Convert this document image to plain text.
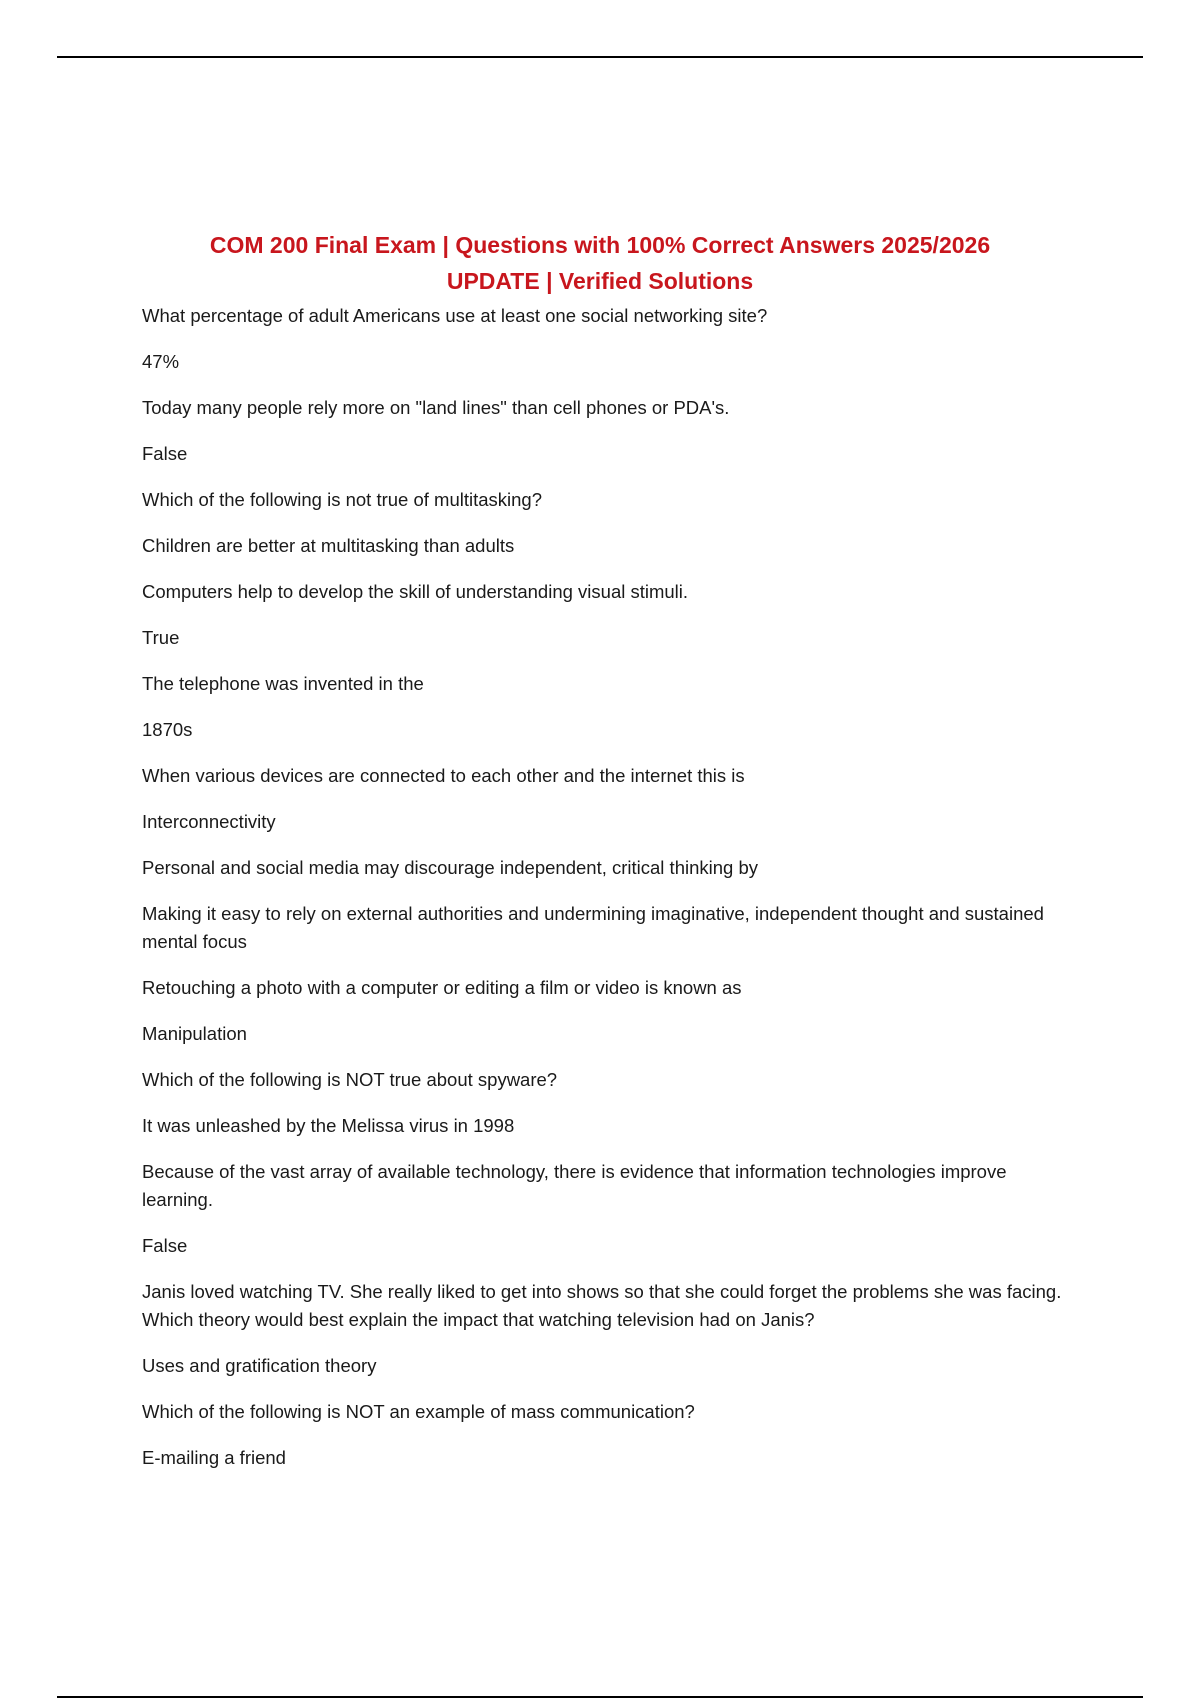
COM 200 Final Exam | Questions with 100% Correct Answers 2025/2026
UPDATE | Verified Solutions

What percentage of adult Americans use at least one social networking site?

47%

Today many people rely more on "land lines" than cell phones or PDA's.

False

Which of the following is not true of multitasking?

Children are better at multitasking than adults

Computers help to develop the skill of understanding visual stimuli.

True

The telephone was invented in the

1870s

When various devices are connected to each other and the internet this is

Interconnectivity

Personal and social media may discourage independent, critical thinking by

Making it easy to rely on external authorities and undermining imaginative, independent thought and sustained mental focus

Retouching a photo with a computer or editing a film or video is known as

Manipulation

Which of the following is NOT true about spyware?

It was unleashed by the Melissa virus in 1998

Because of the vast array of available technology, there is evidence that information technologies improve learning.

False

Janis loved watching TV. She really liked to get into shows so that she could forget the problems she was facing. Which theory would best explain the impact that watching television had on Janis?

Uses and gratification theory

Which of the following is NOT an example of mass communication?

E-mailing a friend
